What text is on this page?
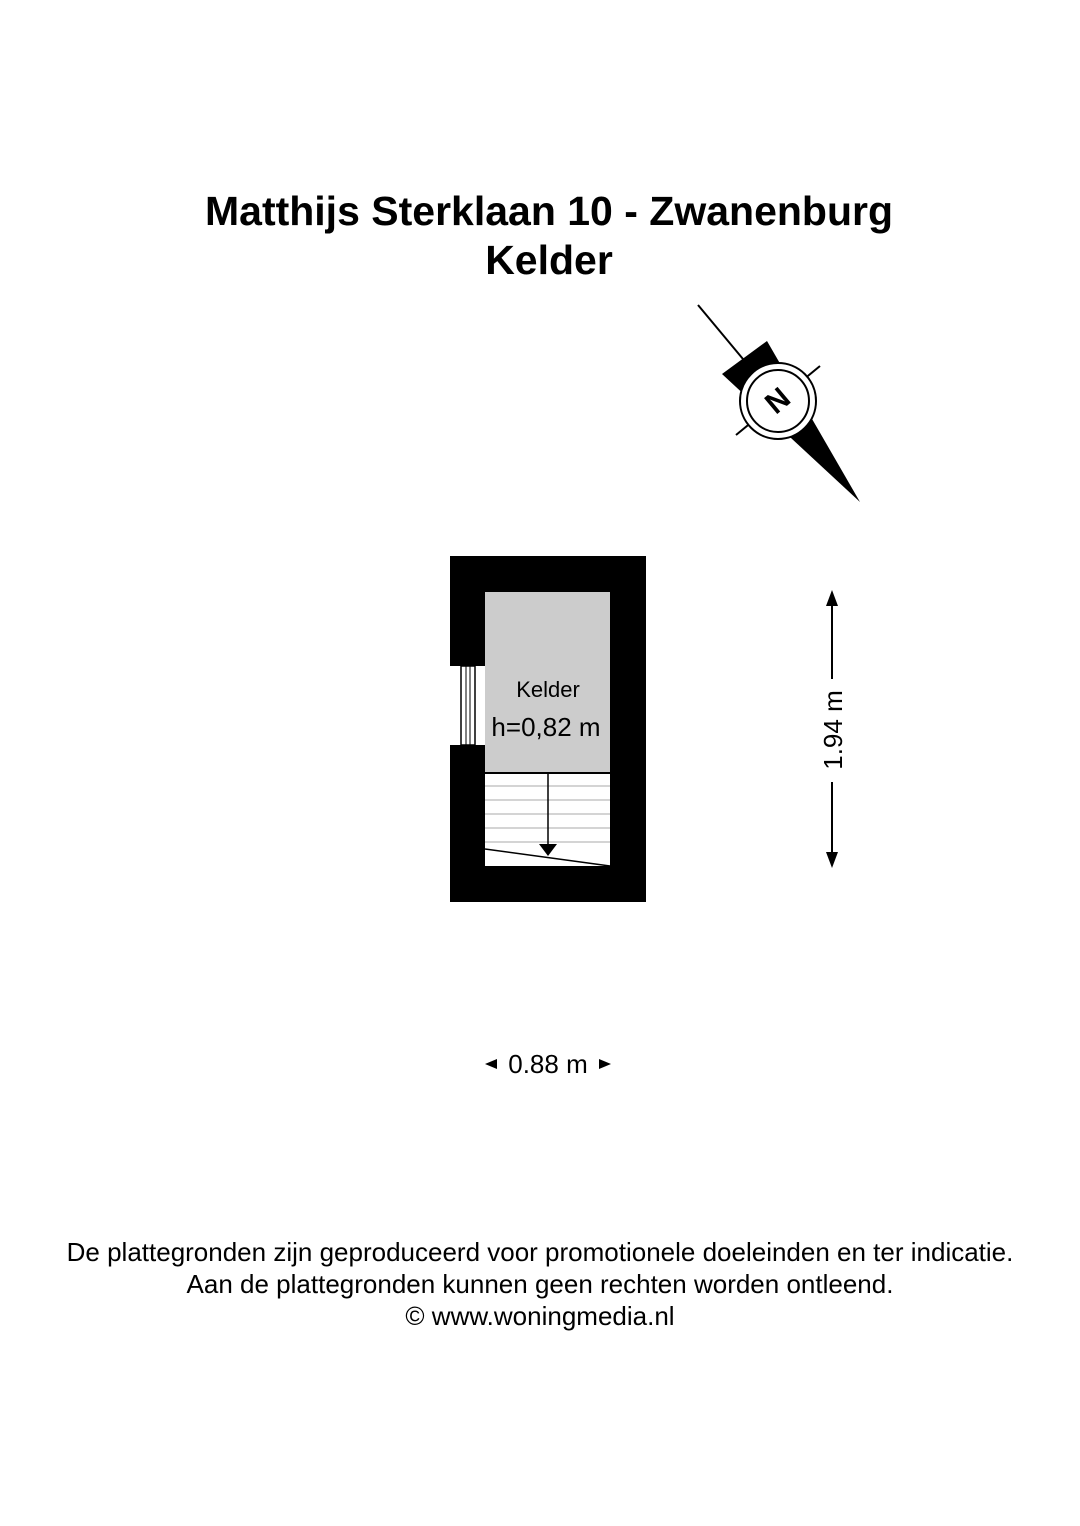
Matthijs Sterklaan 10 - Zwanenburg
Kelder
N
Kelder
h=0,82 m	1.94 m
0.88 m
De plattegronden zijn geproduceerd voor promotionele doeleinden en ter indicatie.
Aan de plattegronden kunnen geen rechten worden ontleend.
© www.woningmedia.nl
